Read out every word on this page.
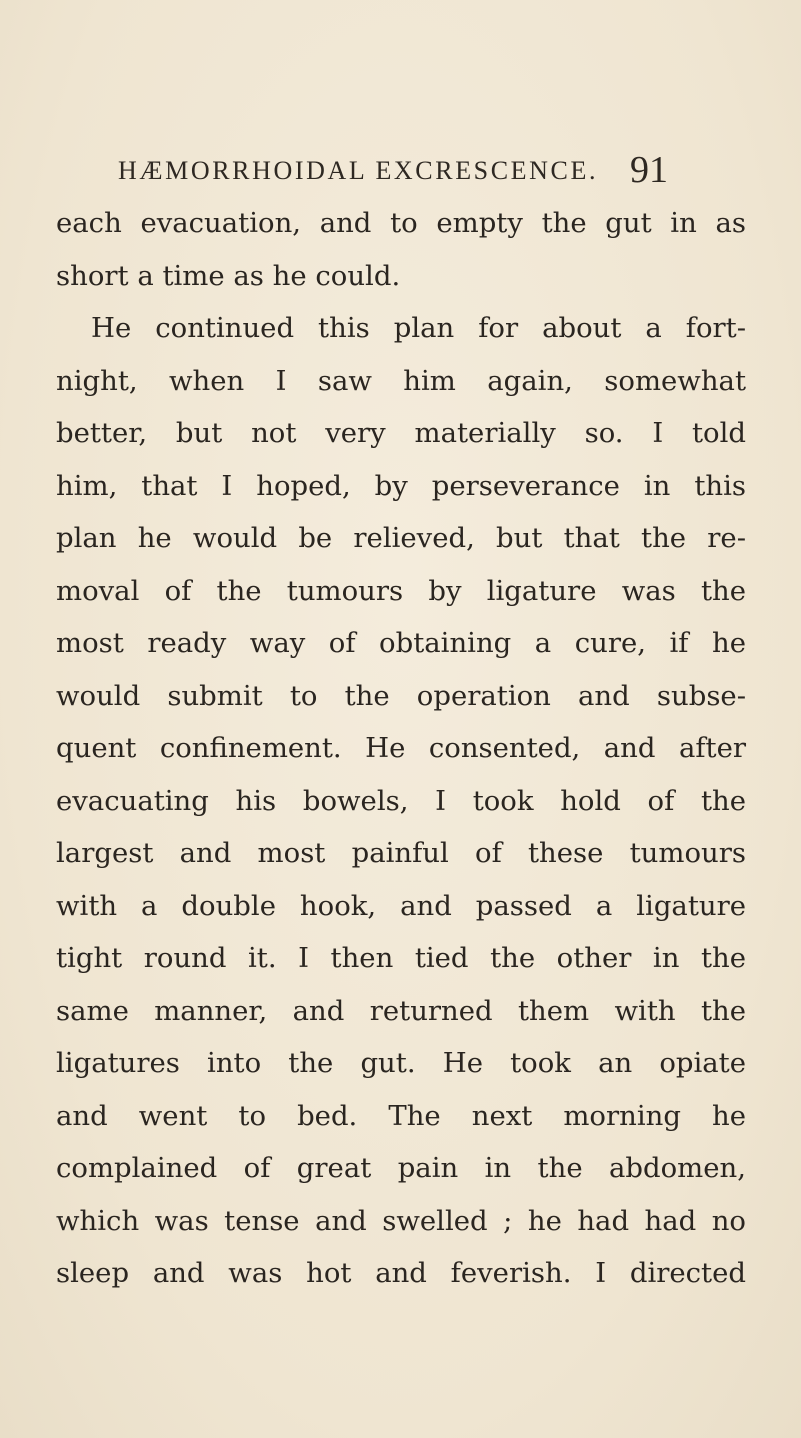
HÆMORRHOIDAL EXCRESCENCE. 91
each evacuation, and to empty the gut in as
short a time as he could.
He continued this plan for about a fort-
night, when I saw him again, somewhat
better, but not very materially so. I told
him, that I hoped, by perseverance in this
plan he would be relieved, but that the re-
moval of the tumours by ligature was the
most ready way of obtaining a cure, if he
would submit to the operation and subse-
quent confinement. He consented, and after
evacuating his bowels, I took hold of the
largest and most painful of these tumours
with a double hook, and passed a ligature
tight round it. I then tied the other in the
same manner, and returned them with the
ligatures into the gut. He took an opiate
and went to bed. The next morning he
complained of great pain in the abdomen,
which was tense and swelled ; he had had no
sleep and was hot and feverish. I directed
